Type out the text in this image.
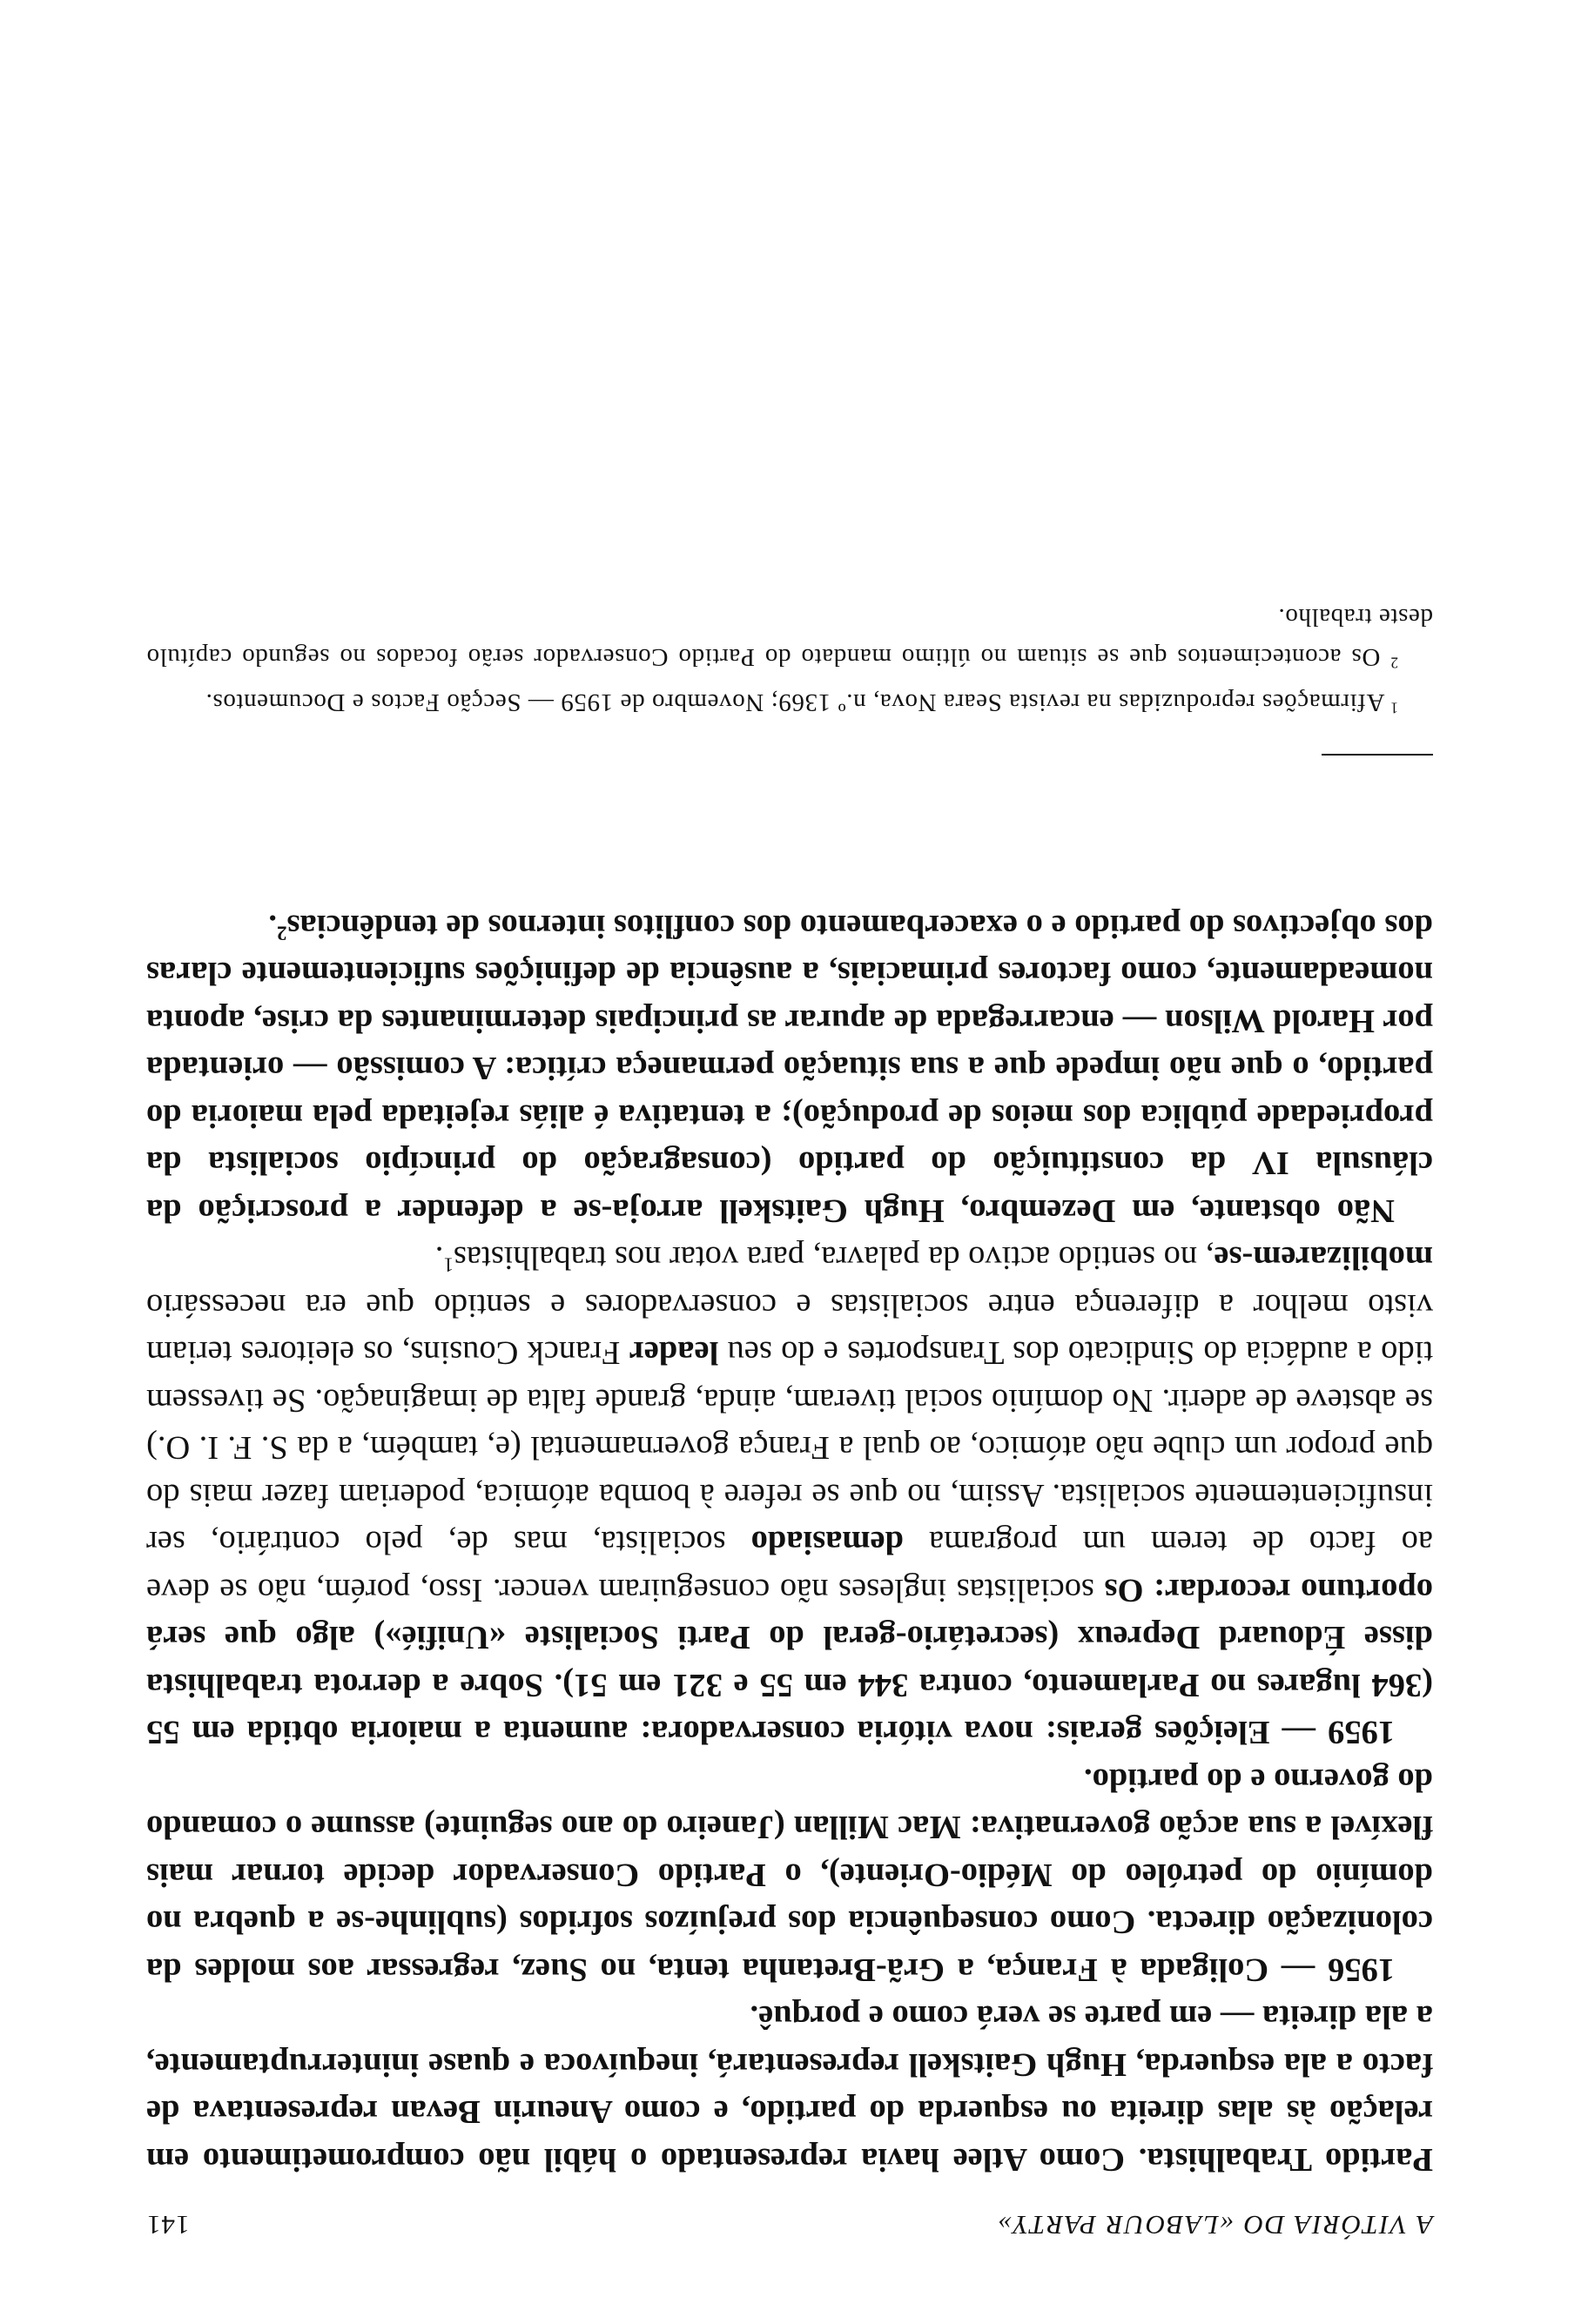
A VITÓRIA DO «LABOUR PARTY»
141

Partido Trabalhista. Como Atlee havia representado o hábil não comprometimento em relação às alas direita ou esquerda do partido, e como Aneurin Bevan representava de facto a ala esquerda, Hugh Gaitskell representará, inequívoca e quase ininterruptamente, a ala direita — em parte se verá como e porquê.

1956 — Coligada à França, a Grã-Bretanha tenta, no Suez, regressar aos moldes da colonização directa. Como consequência dos prejuízos sofridos (sublinhe-se a quebra no domínio do petróleo do Médio-Oriente), o Partido Conservador decide tornar mais flexível a sua acção governativa: Mac Millan (Janeiro do ano seguinte) assume o comando do governo e do partido.

1959 — Eleições gerais: nova vitória conservadora: aumenta a maioria obtida em 55 (364 lugares no Parlamento, contra 344 em 55 e 321 em 51). Sobre a derrota trabalhista disse Édouard Depreux (secretário-geral do Parti Socialiste «Unifié») algo que será oportuno recordar: Os socialistas ingleses não conseguiram vencer. Isso, porém, não se deve ao facto de terem um programa demasiado socialista, mas de, pelo contrário, ser insuficientemente socialista. Assim, no que se refere à bomba atómica, poderiam fazer mais do que propor um clube não atómico, ao qual a França governamental (e, também, a da S. F. I. O.) se absteve de aderir. No domínio social tiveram, ainda, grande falta de imaginação. Se tivessem tido a audácia do Sindicato dos Transportes e do seu leader Franck Cousins, os eleitores teriam visto melhor a diferença entre socialistas e conservadores e sentido que era necessário mobilizarem-se, no sentido activo da palavra, para votar nos trabalhistas$^1$.

Não obstante, em Dezembro, Hugh Gaitskell arroja-se a defender a proscrição da cláusula IV da constituição do partido (consagração do princípio socialista da propriedade pública dos meios de produção); a tentativa é aliás rejeitada pela maioria do partido, o que não impede que a sua situação permaneça crítica: A comissão — orientada por Harold Wilson — encarregada de apurar as principais determinantes da crise, aponta nomeadamente, como factores primaciais, a ausência de definições suficientemente claras dos objectivos do partido e o exacerbamento dos conflitos internos de tendências$^2$.

$^1$ Afirmações reproduzidas na revista Seara Nova, n.º 1369; Novembro de 1959 — Secção Factos e Documentos.

$^2$ Os acontecimentos que se situam no último mandato do Partido Conservador serão focados no segundo capítulo deste trabalho.
